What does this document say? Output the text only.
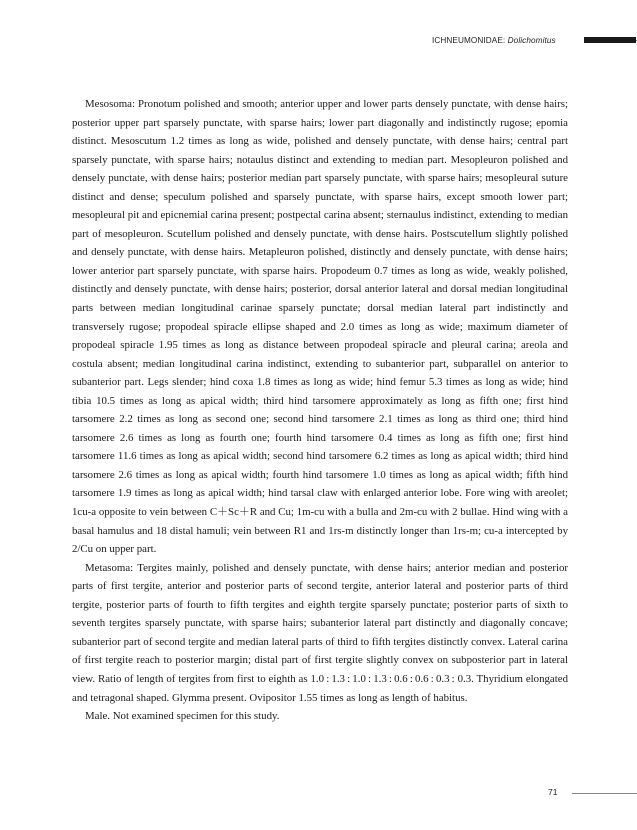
ICHNEUMONIDAE: Dolichomitus

Mesosoma: Pronotum polished and smooth; anterior upper and lower parts densely punctate, with dense hairs; posterior upper part sparsely punctate, with sparse hairs; lower part diagonally and indistinctly rugose; epomia distinct. Mesoscutum 1.2 times as long as wide, polished and densely punctate, with dense hairs; central part sparsely punctate, with sparse hairs; notaulus distinct and extending to median part. Mesopleuron polished and densely punctate, with dense hairs; posterior median part sparsely punctate, with sparse hairs; mesopleural suture distinct and dense; speculum polished and sparsely punctate, with sparse hairs, except smooth lower part; mesopleural pit and epicnemial carina present; postpectal carina absent; sternaulus indistinct, extending to median part of mesopleuron. Scutellum polished and densely punctate, with dense hairs. Postscutellum slightly polished and densely punctate, with dense hairs. Metapleuron polished, distinctly and densely punctate, with dense hairs; lower anterior part sparsely punctate, with sparse hairs. Propodeum 0.7 times as long as wide, weakly polished, distinctly and densely punctate, with dense hairs; posterior, dorsal anterior lateral and dorsal median longitudinal parts between median longitudinal carinae sparsely punctate; dorsal median lateral part indistinctly and transversely rugose; propodeal spiracle ellipse shaped and 2.0 times as long as wide; maximum diameter of propodeal spiracle 1.95 times as long as distance between propodeal spiracle and pleural carina; areola and costula absent; median longitudinal carina indistinct, extending to subanterior part, subparallel on anterior to subanterior part. Legs slender; hind coxa 1.8 times as long as wide; hind femur 5.3 times as long as wide; hind tibia 10.5 times as long as apical width; third hind tarsomere approximately as long as fifth one; first hind tarsomere 2.2 times as long as second one; second hind tarsomere 2.1 times as long as third one; third hind tarsomere 2.6 times as long as fourth one; fourth hind tarsomere 0.4 times as long as fifth one; first hind tarsomere 11.6 times as long as apical width; second hind tarsomere 6.2 times as long as apical width; third hind tarsomere 2.6 times as long as apical width; fourth hind tarsomere 1.0 times as long as apical width; fifth hind tarsomere 1.9 times as long as apical width; hind tarsal claw with enlarged anterior lobe. Fore wing with areolet; 1cu-a opposite to vein between C＋Sc＋R and Cu; 1m-cu with a bulla and 2m-cu with 2 bullae. Hind wing with a basal hamulus and 18 distal hamuli; vein between R1 and 1rs-m distinctly longer than 1rs-m; cu-a intercepted by 2/Cu on upper part.

Metasoma: Tergites mainly, polished and densely punctate, with dense hairs; anterior median and posterior parts of first tergite, anterior and posterior parts of second tergite, anterior lateral and posterior parts of third tergite, posterior parts of fourth to fifth tergites and eighth tergite sparsely punctate; posterior parts of sixth to seventh tergites sparsely punctate, with sparse hairs; subanterior lateral part distinctly and diagonally concave; subanterior part of second tergite and median lateral parts of third to fifth tergites distinctly convex. Lateral carina of first tergite reach to posterior margin; distal part of first tergite slightly convex on subposterior part in lateral view. Ratio of length of tergites from first to eighth as 1.0 : 1.3 : 1.0 : 1.3 : 0.6 : 0.6 : 0.3 : 0.3. Thyridium elongated and tetragonal shaped. Glymma present. Ovipositor 1.55 times as long as length of habitus.

Male. Not examined specimen for this study.

71
